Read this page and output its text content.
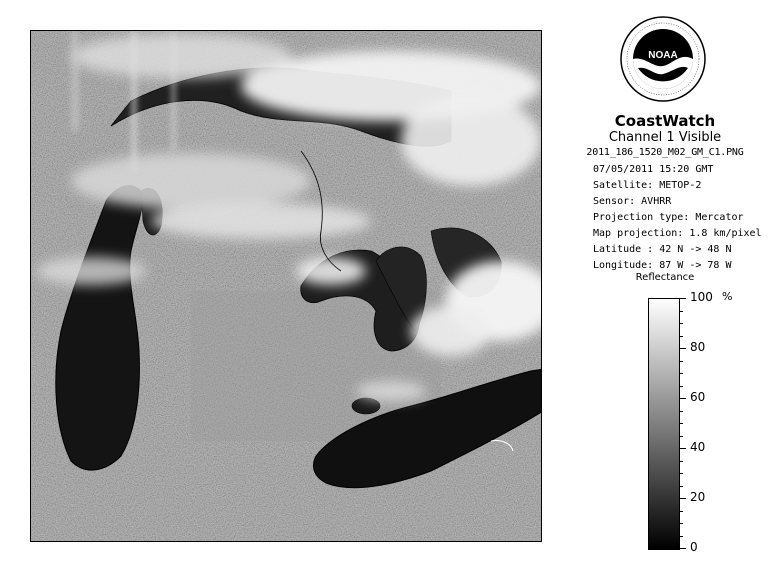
NOAA
CoastWatch
Channel 1 Visible
2011_186_1520_M02_GM_C1.PNG
07/05/2011 15:20 GMT
Satellite: METOP-2
Sensor: AVHRR
Projection type: Mercator
Map projection: 1.8 km/pixel
Latitude : 42 N -> 48 N
Longitude: 87 W -> 78 W
Reflectance
%
100
80
60
40
20
0
